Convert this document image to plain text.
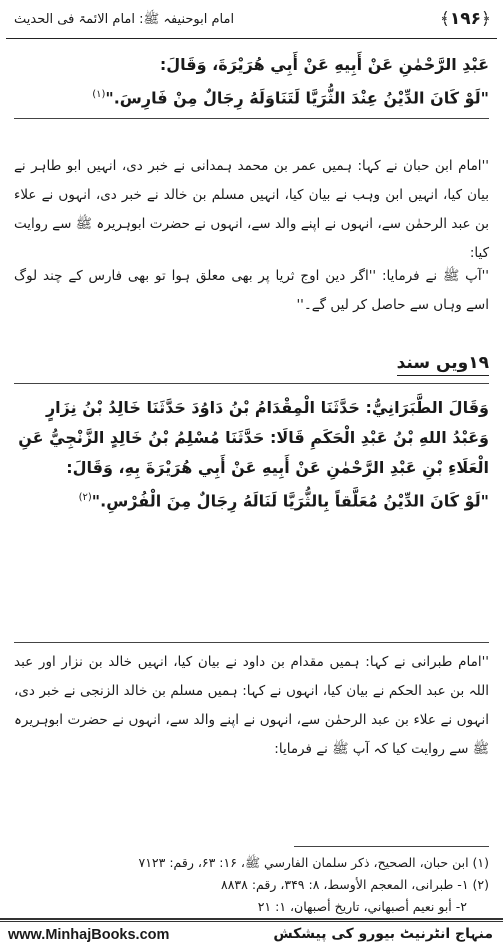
﴿۱۹۶﴾
امام ابوحنیفہ ﷺ: امام الائمۃ فی الحدیث
عَبْدِ الرَّحْمٰنِ عَنْ أَبِيهِ عَنْ أَبِي هُرَيْرَةَ، وَقَالَ:
"لَوْ كَانَ الدِّيْنُ عِنْدَ الثُّرَيَّا لَتَنَاوَلَهُ رِجَالٌ مِنْ فَارِسَ."$^{(۱)}$
''امام ابن حبان نے کہا: ہمیں عمر بن محمد ہمدانی نے خبر دی، انہیں ابو طاہر نے بیان کیا، انہیں ابن وہب نے بیان کیا، انہیں مسلم بن خالد نے خبر دی، انہوں نے علاء بن عبد الرحمٰن سے، انہوں نے اپنے والد سے، انہوں نے حضرت ابوہریرہ ﷺ سے روایت کیا:
''آپ ﷺ نے فرمایا: ''اگر دین اوج ثریا پر بھی معلق ہوا تو بھی فارس کے چند لوگ اسے وہاں سے حاصل کر لیں گے۔''
۱۹ویں سند
وَقَالَ الطَّبَرَانِيُّ: حَدَّثَنَا الْمِقْدَامُ بْنُ دَاوُدَ حَدَّثَنَا خَالِدُ بْنُ نِزَارٍ
وَعَبْدُ اللهِ بْنُ عَبْدِ الْحَكَمِ قَالَا: حَدَّثَنَا مُسْلِمُ بْنُ خَالِدٍ الزَّنْجِيُّ عَنِ
الْعَلَاءِ بْنِ عَبْدِ الرَّحْمٰنِ عَنْ أَبِيهِ عَنْ أَبِي هُرَيْرَةَ بِهِ، وَقَالَ:
"لَوْ كَانَ الدِّيْنُ مُعَلَّقاً بِالثُّرَيَّا لَنَالَهُ رِجَالٌ مِنَ الْفُرْسِ."$^{(۲)}$
''امام طبرانی نے کہا: ہمیں مقدام بن داود نے بیان کیا، انہیں خالد بن نزار اور عبد اللہ بن عبد الحکم نے بیان کیا، انہوں نے کہا: ہمیں مسلم بن خالد الزنجی نے خبر دی، انہوں نے علاء بن عبد الرحمٰن سے، انہوں نے اپنے والد سے، انہوں نے حضرت ابوہریرہ ﷺ سے روایت کیا کہ آپ ﷺ نے فرمایا:
(۱) ابن حبان، الصحیح، ذکر سلمان الفارسي ﷺ، ۱۶: ۶۳، رقم: ۷۱۲۳
(۲) ۱- طبرانی، المعجم الأوسط، ۸: ۳۴۹، رقم: ۸۸۳۸
۲- أبو نعیم أصبهاني، تاریخ أصبهان، ۱: ۲۱
www.MinhajBooks.com	منہاج انٹرنیٹ بیورو کی پیشکش
